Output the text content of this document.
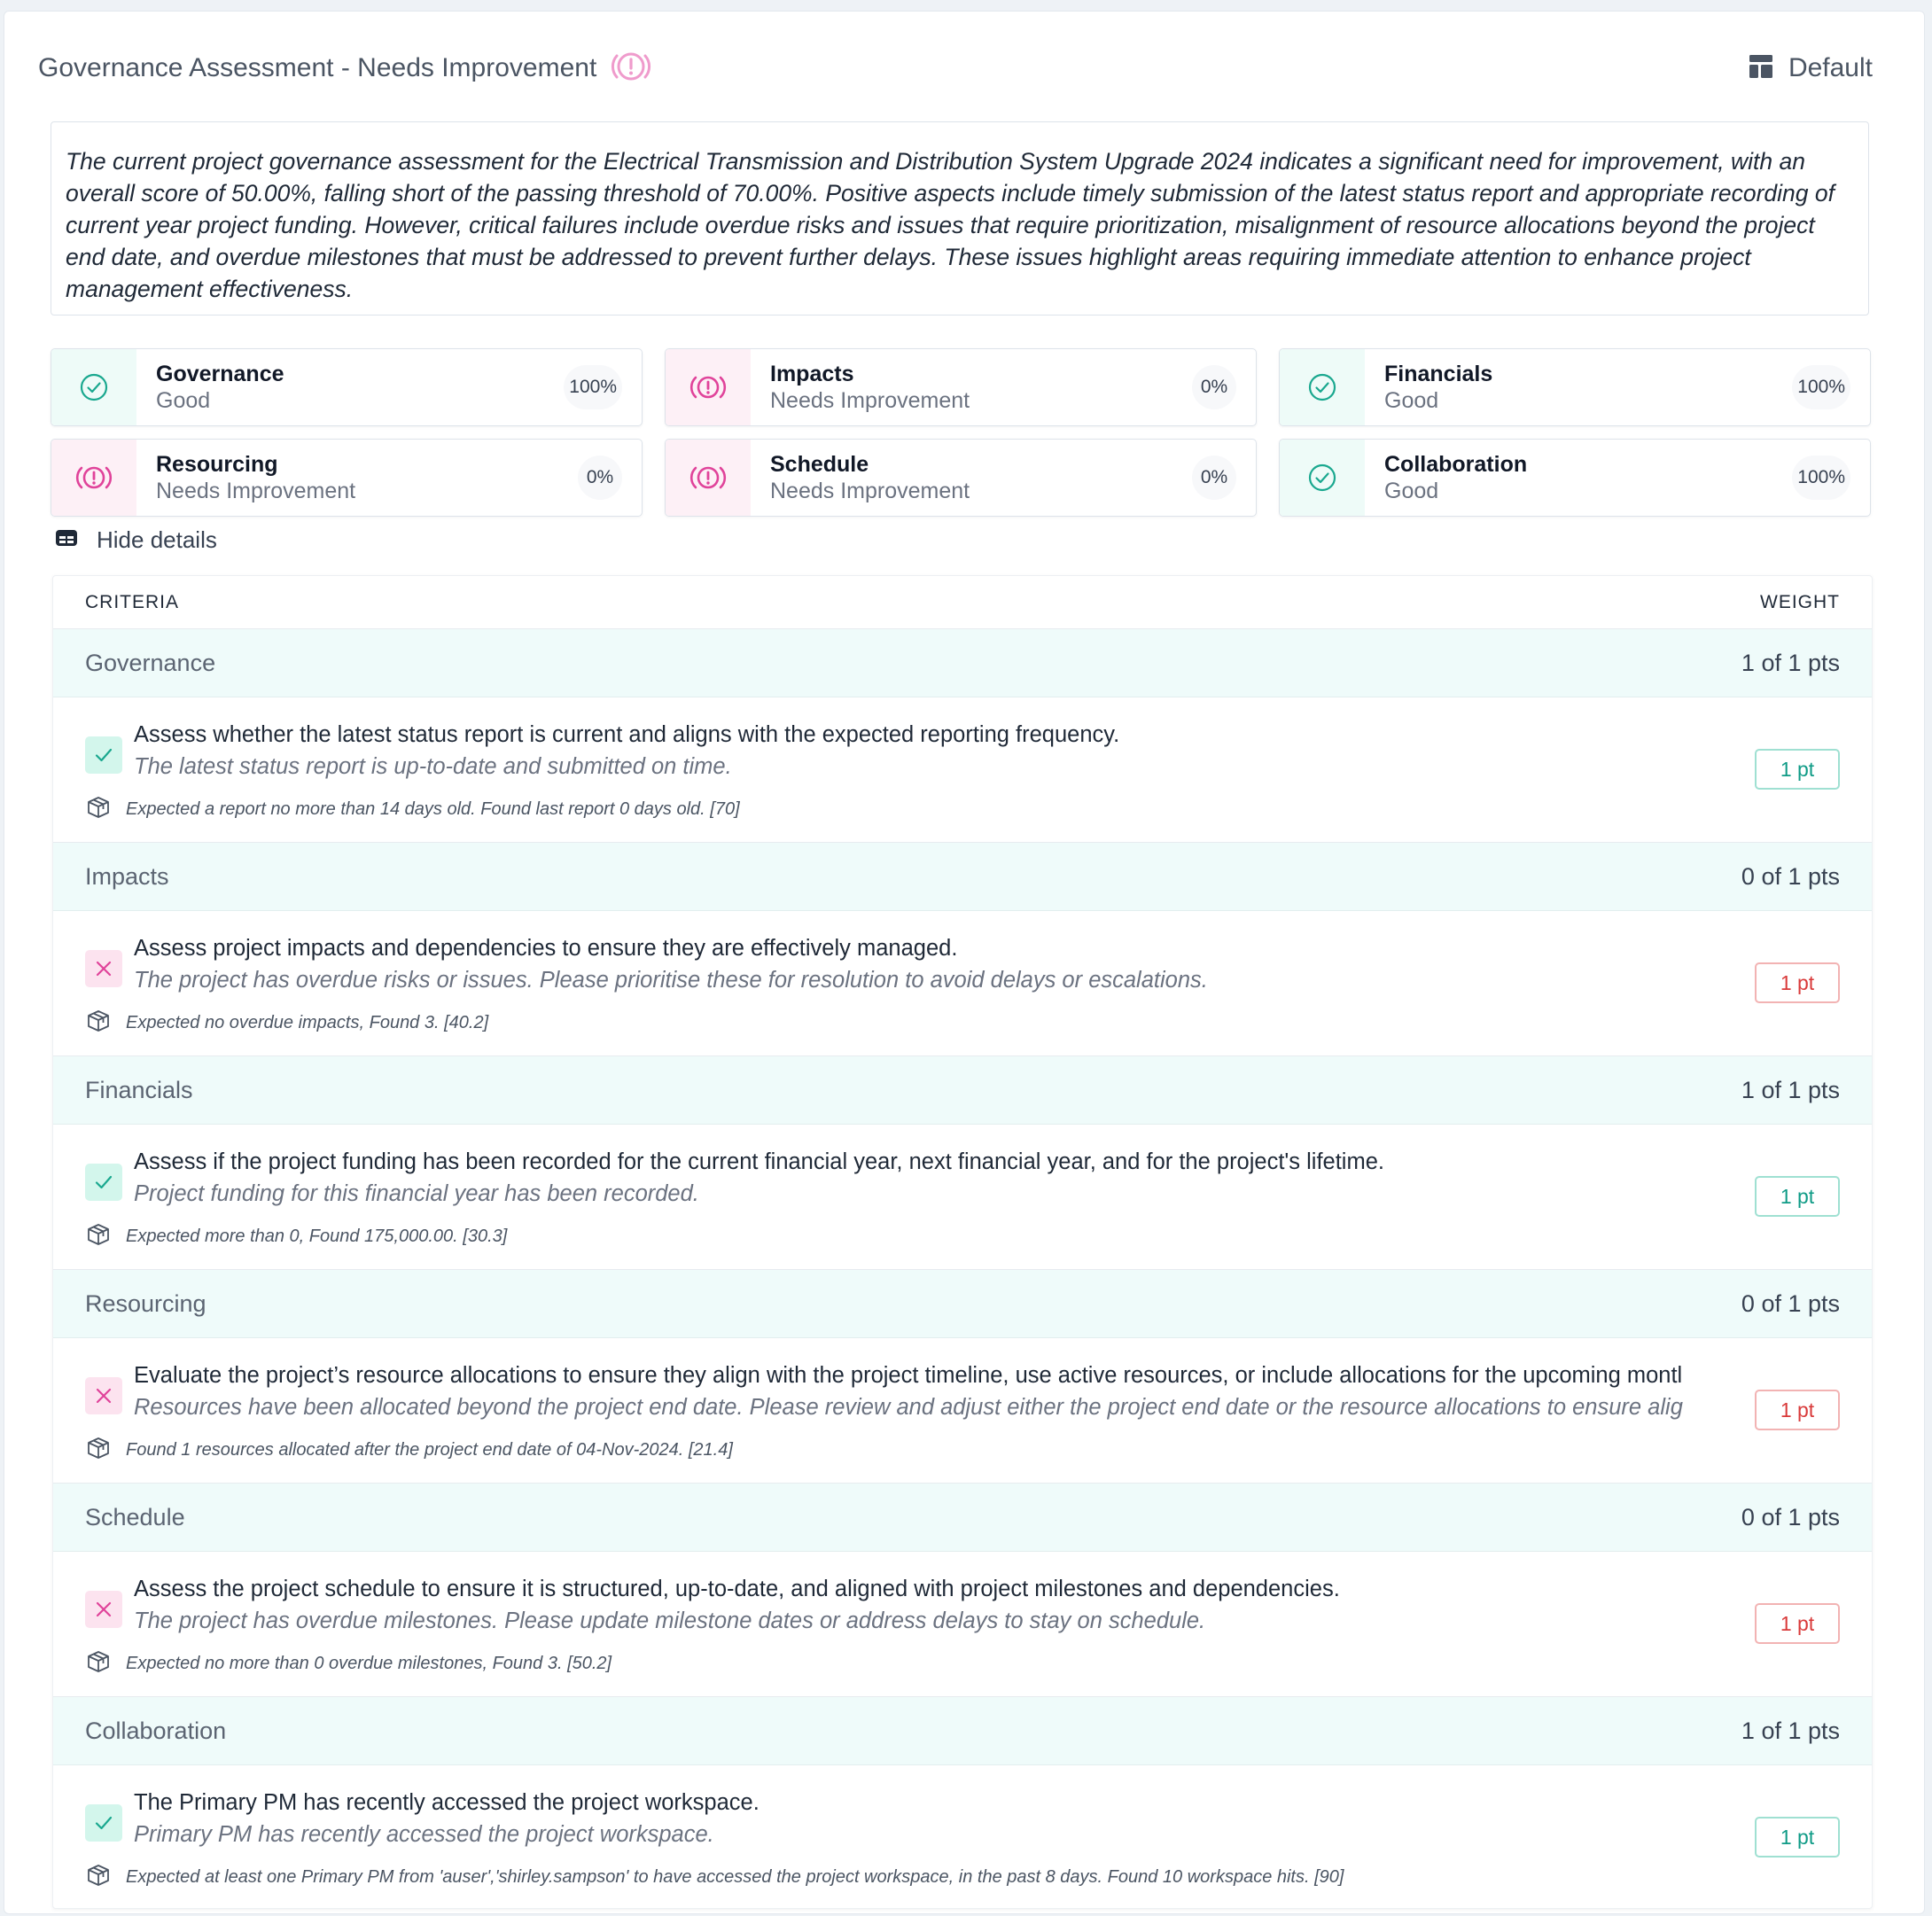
Governance Assessment - Needs Improvement	Default
The current project governance assessment for the Electrical Transmission and Distribution System Upgrade 2024 indicates a significant need for improvement, with an overall score of 50.00%, falling short of the passing threshold of 70.00%. Positive aspects include timely submission of the latest status report and appropriate recording of current year project funding. However, critical failures include overdue risks and issues that require prioritization, misalignment of resource allocations beyond the project end date, and overdue milestones that must be addressed to prevent further delays. These issues highlight areas requiring immediate attention to enhance project management effectiveness.
Governance
Good
100%
Impacts
Needs Improvement
0%
Financials
Good
100%
Resourcing
Needs Improvement
0%
Schedule
Needs Improvement
0%
Collaboration
Good
100%
Hide details
CRITERIA	WEIGHT
Governance	1 of 1 pts
Assess whether the latest status report is current and aligns with the expected reporting frequency.
The latest status report is up-to-date and submitted on time.
Expected a report no more than 14 days old. Found last report 0 days old. [70]
1 pt
Impacts	0 of 1 pts
Assess project impacts and dependencies to ensure they are effectively managed.
The project has overdue risks or issues. Please prioritise these for resolution to avoid delays or escalations.
Expected no overdue impacts, Found 3. [40.2]
1 pt
Financials	1 of 1 pts
Assess if the project funding has been recorded for the current financial year, next financial year, and for the project's lifetime.
Project funding for this financial year has been recorded.
Expected more than 0, Found 175,000.00. [30.3]
1 pt
Resourcing	0 of 1 pts
Evaluate the project’s resource allocations to ensure they align with the project timeline, use active resources, or include allocations for the upcoming montl
Resources have been allocated beyond the project end date. Please review and adjust either the project end date or the resource allocations to ensure alig
Found 1 resources allocated after the project end date of 04-Nov-2024. [21.4]
1 pt
Schedule	0 of 1 pts
Assess the project schedule to ensure it is structured, up-to-date, and aligned with project milestones and dependencies.
The project has overdue milestones. Please update milestone dates or address delays to stay on schedule.
Expected no more than 0 overdue milestones, Found 3. [50.2]
1 pt
Collaboration	1 of 1 pts
The Primary PM has recently accessed the project workspace.
Primary PM has recently accessed the project workspace.
Expected at least one Primary PM from 'auser','shirley.sampson' to have accessed the project workspace, in the past 8 days. Found 10 workspace hits. [90]
1 pt
